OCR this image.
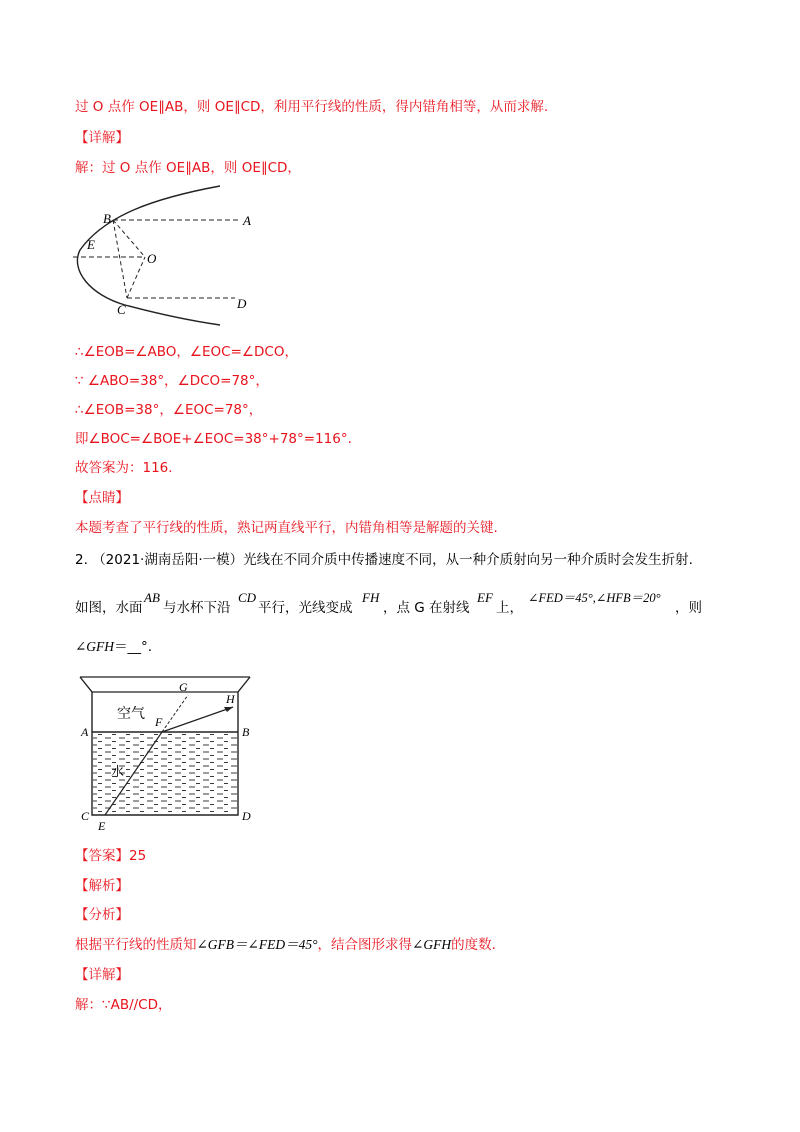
过 O 点作 OE∥AB，则 OE∥CD，利用平行线的性质，得内错角相等，从而求解.
【详解】
解：过 O 点作 OE∥AB，则 OE∥CD，
B	A
E
O
C	D
∴∠EOB=∠ABO，∠EOC=∠DCO，
∵ ∠ABO=38°，∠DCO=78°，
∴∠EOB=38°，∠EOC=78°，
即∠BOC=∠BOE+∠EOC=38°+78°=116°.
故答案为：116.
【点睛】
本题考查了平行线的性质，熟记两直线平行，内错角相等是解题的关键.
2. （2021·湖南岳阳·一模）光线在不同介质中传播速度不同，从一种介质射向另一种介质时会发生折射.
如图，水面
AB
与水杯下沿
CD
平行，光线变成
FH
，点 G 在射线
EF
上，
∠FED＝45°,∠HFB＝20°
，则
∠GFH＝__°.
空气
水
A	B
C	D
E
F
G
H
【答案】25
【解析】
【分析】
根据平行线的性质知∠GFB＝∠FED＝45°，结合图形求得∠GFH的度数.
【详解】
解：∵AB//CD，
